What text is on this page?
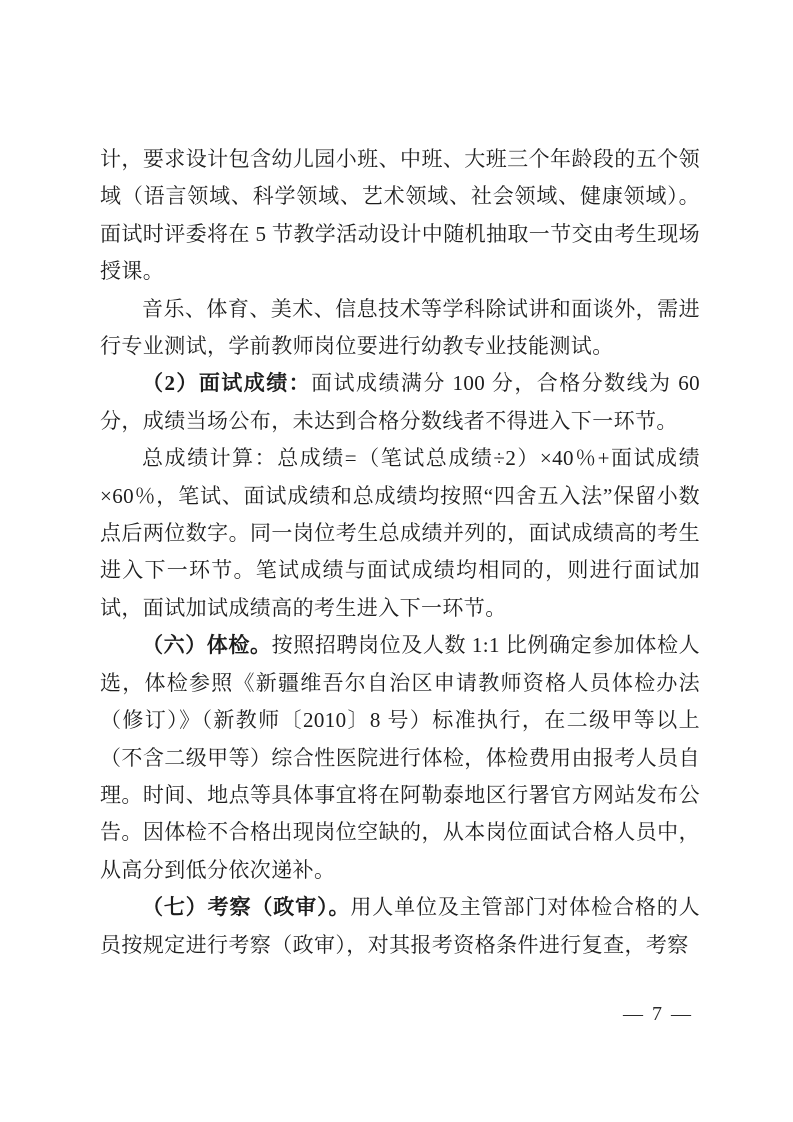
计，要求设计包含幼儿园小班、中班、大班三个年龄段的五个领域（语言领域、科学领域、艺术领域、社会领域、健康领域）。面试时评委将在 5 节教学活动设计中随机抽取一节交由考生现场授课。

音乐、体育、美术、信息技术等学科除试讲和面谈外，需进行专业测试，学前教师岗位要进行幼教专业技能测试。

（2）面试成绩：面试成绩满分 100 分，合格分数线为 60 分，成绩当场公布，未达到合格分数线者不得进入下一环节。

总成绩计算：总成绩=（笔试总成绩÷2）×40％+面试成绩×60％，笔试、面试成绩和总成绩均按照“四舍五入法”保留小数点后两位数字。同一岗位考生总成绩并列的，面试成绩高的考生进入下一环节。笔试成绩与面试成绩均相同的，则进行面试加试，面试加试成绩高的考生进入下一环节。

（六）体检。按照招聘岗位及人数 1:1 比例确定参加体检人选，体检参照《新疆维吾尔自治区申请教师资格人员体检办法（修订）》（新教师〔2010〕8 号）标准执行，在二级甲等以上（不含二级甲等）综合性医院进行体检，体检费用由报考人员自理。时间、地点等具体事宜将在阿勒泰地区行署官方网站发布公告。因体检不合格出现岗位空缺的，从本岗位面试合格人员中，从高分到低分依次递补。

（七）考察（政审）。用人单位及主管部门对体检合格的人员按规定进行考察（政审），对其报考资格条件进行复查，考察

— 7 —
